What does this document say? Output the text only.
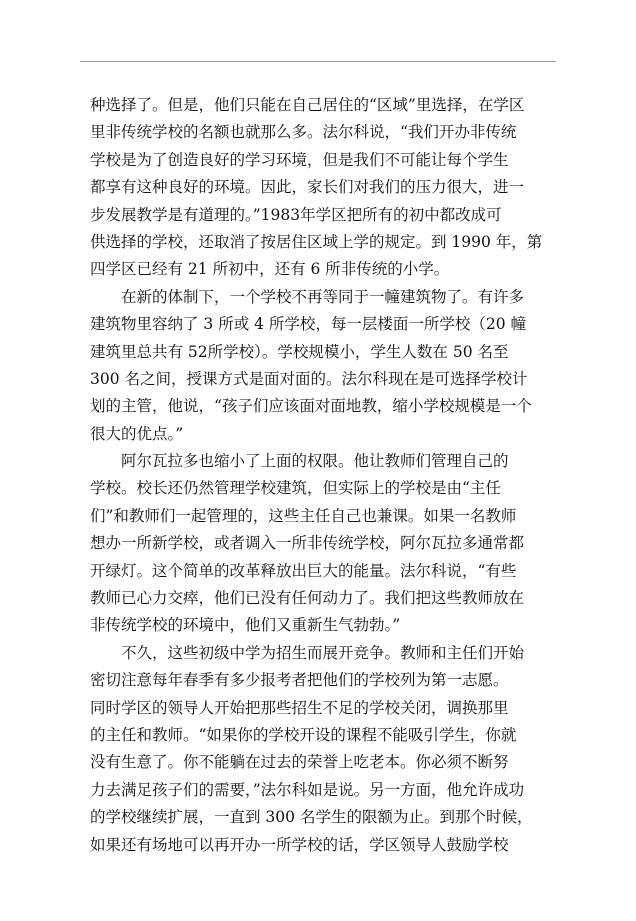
种选择了。但是，他们只能在自己居住的“区域”里选择，在学区
里非传统学校的名额也就那么多。法尔科说，“我们开办非传统
学校是为了创造良好的学习环境，但是我们不可能让每个学生
都享有这种良好的环境。因此，家长们对我们的压力很大，进一
步发展教学是有道理的。”1983年学区把所有的初中都改成可
供选择的学校，还取消了按居住区域上学的规定。到 1990 年，第
四学区已经有 21 所初中，还有 6 所非传统的小学。
在新的体制下，一个学校不再等同于一幢建筑物了。有许多
建筑物里容纳了 3 所或 4 所学校，每一层楼面一所学校（20 幢
建筑里总共有 52所学校）。学校规模小，学生人数在 50 名至
300 名之间，授课方式是面对面的。法尔科现在是可选择学校计
划的主管，他说，“孩子们应该面对面地教，缩小学校规模是一个
很大的优点。”
阿尔瓦拉多也缩小了上面的权限。他让教师们管理自己的
学校。校长还仍然管理学校建筑，但实际上的学校是由“主任
们”和教师们一起管理的，这些主任自己也兼课。如果一名教师
想办一所新学校，或者调入一所非传统学校，阿尔瓦拉多通常都
开绿灯。这个简单的改革释放出巨大的能量。法尔科说，“有些
教师已心力交瘁，他们已没有任何动力了。我们把这些教师放在
非传统学校的环境中，他们又重新生气勃勃。”
不久，这些初级中学为招生而展开竞争。教师和主任们开始
密切注意每年春季有多少报考者把他们的学校列为第一志愿。
同时学区的领导人开始把那些招生不足的学校关闭，调换那里
的主任和教师。“如果你的学校开设的课程不能吸引学生，你就
没有生意了。你不能躺在过去的荣誉上吃老本。你必须不断努
力去满足孩子们的需要，”法尔科如是说。另一方面，他允许成功
的学校继续扩展，一直到 300 名学生的限额为止。到那个时候，
如果还有场地可以再开办一所学校的话，学区领导人鼓励学校
